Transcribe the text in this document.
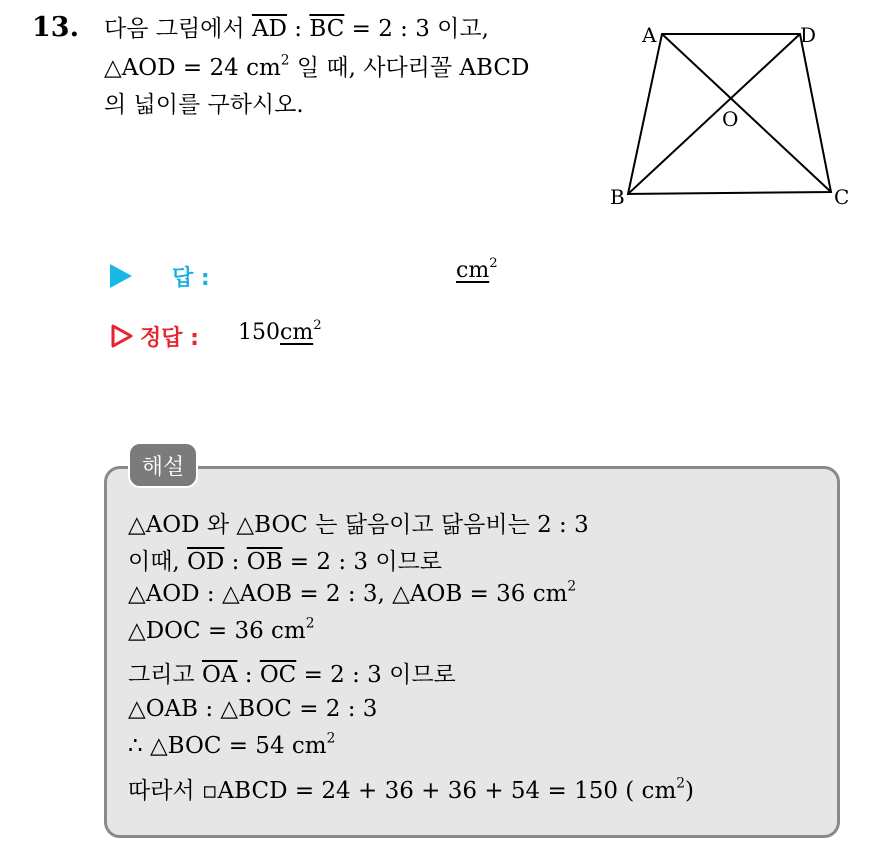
13. 다음 그림에서 $\overline{AD}$ : $\overline{BC} = 2$ : 3 이고,
△AOD = 24 $cm^2$ 일 때, 사다리꼴 ABCD
의 넓이를 구하시오.
A	D
O
B	C
답 :	$cm^2$
정답 : $150cm^2$
해설
△AOD 와 △BOC 는 닮음이고 닮음비는 2 : 3
이때, $\overline{OD}$ : $\overline{OB} = 2$ : 3 이므로
△AOD : △AOB = 2 : 3, △AOB = 36 $cm^2$
△DOC = 36 $cm^2$
그리고 $\overline{OA}$ : $\overline{OC} = 2$ : 3 이므로
△OAB : △BOC = 2 : 3
∴ △BOC = 54 $cm^2$
따라서 ▫ABCD = 24 + 36 + 36 + 54 = 150 ( $cm^2$)
